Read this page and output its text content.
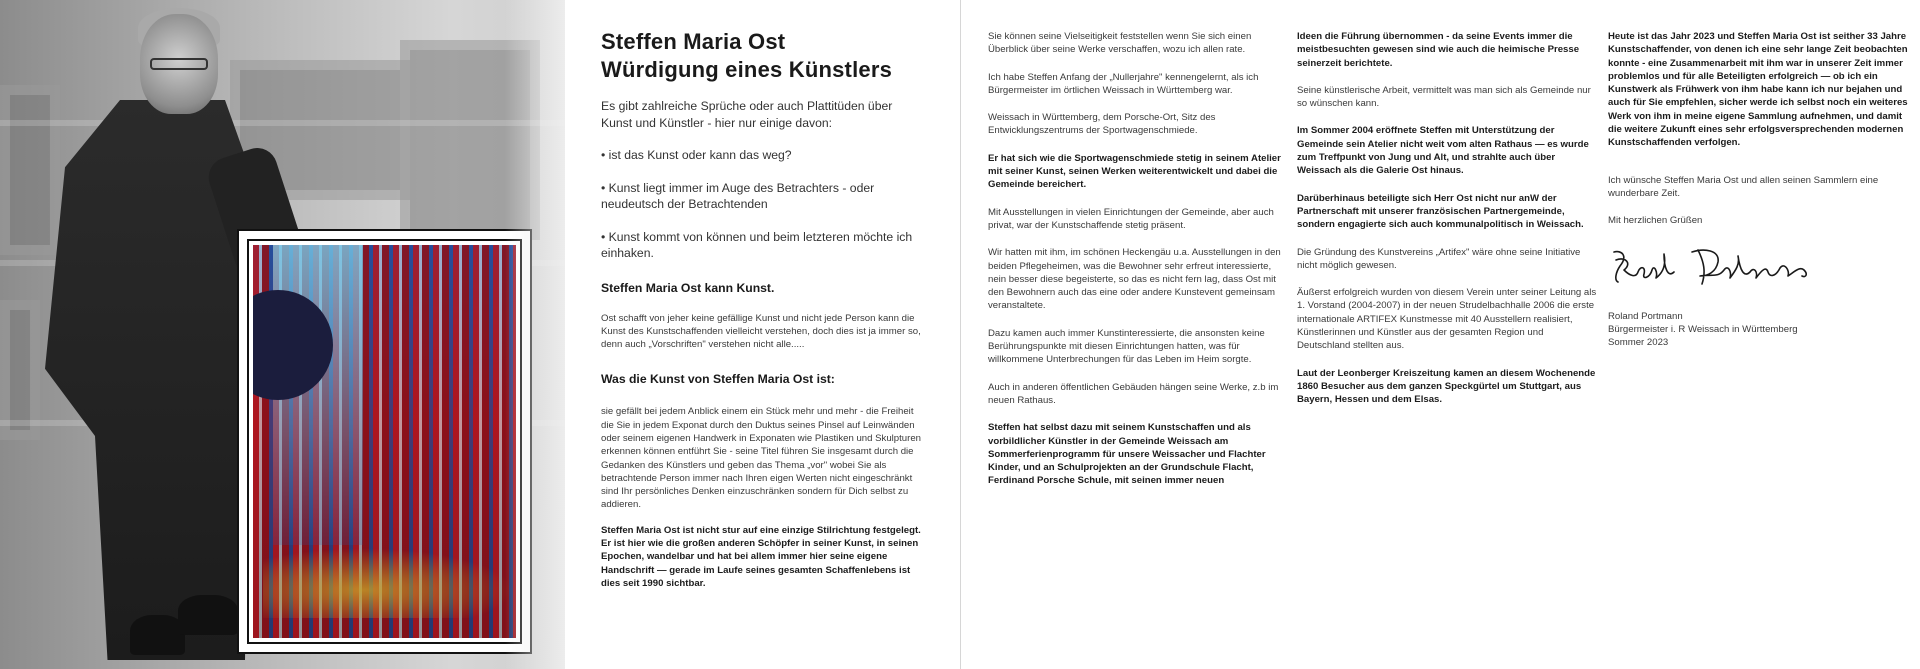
Steffen Maria Ost
Würdigung eines Künstlers
Es gibt zahlreiche Sprüche oder auch Plattitüden über Kunst und Künstler - hier nur einige davon:
• ist das Kunst oder kann das weg?
• Kunst liegt immer im Auge des Betrachters - oder neudeutsch der Betrachtenden
• Kunst kommt von können und beim letzteren möchte ich einhaken.
Steffen Maria Ost kann Kunst.
Ost schafft von jeher keine gefällige Kunst und nicht jede Person kann die Kunst des Kunstschaffenden vielleicht verstehen, doch dies ist ja immer so, denn auch „Vorschriften" verstehen nicht alle.....
Was die Kunst von Steffen Maria Ost ist:
sie gefällt bei jedem Anblick einem ein Stück mehr und mehr - die Freiheit die Sie in jedem Exponat durch den Duktus seines Pinsel auf Leinwänden oder seinem eigenen Handwerk in Exponaten wie Plastiken und Skulpturen erkennen können entführt Sie - seine Titel führen Sie insgesamt durch die Gedanken des Künstlers und geben das Thema „vor" wobei Sie als betrachtende Person immer nach Ihren eigen Werten nicht eingeschränkt sind Ihr persönliches Denken einzuschränken sondern für Dich selbst zu addieren.
Steffen Maria Ost ist nicht stur auf eine einzige Stilrichtung festgelegt. Er ist hier wie die großen anderen Schöpfer in seiner Kunst, in seinen Epochen, wandelbar und hat bei allem immer hier seine eigene Handschrift — gerade im Laufe seines gesamten Schaffenlebens ist dies seit 1990 sichtbar.
Sie können seine Vielseitigkeit feststellen wenn Sie sich einen Überblick über seine Werke verschaffen, wozu ich allen rate.
Ich habe Steffen Anfang der „Nullerjahre" kennengelernt, als ich Bürgermeister im örtlichen Weissach in Württemberg war.
Weissach in Württemberg, dem Porsche-Ort, Sitz des Entwicklungszentrums der Sportwagenschmiede.
Er hat sich wie die Sportwagenschmiede stetig in seinem Atelier mit seiner Kunst, seinen Werken weiterentwickelt und dabei die Gemeinde bereichert.
Mit Ausstellungen in vielen Einrichtungen der Gemeinde, aber auch privat, war der Kunstschaffende stetig präsent.
Wir hatten mit ihm, im schönen Heckengäu u.a. Ausstellungen in den beiden Pflegeheimen, was die Bewohner sehr erfreut interessierte, nein besser diese begeisterte, so das es nicht fern lag, dass Ost mit den Bewohnern auch das eine oder andere Kunstevent gemeinsam veranstaltete.
Dazu kamen auch immer Kunstinteressierte, die ansonsten keine Berührungspunkte mit diesen Einrichtungen hatten, was für willkommene Unterbrechungen für das Leben im Heim sorgte.
Auch in anderen öffentlichen Gebäuden hängen seine Werke, z.b im neuen Rathaus.
Steffen hat selbst dazu mit seinem Kunstschaffen und als vorbildlicher Künstler in der Gemeinde Weissach am Sommerferienprogramm für unsere Weissacher und Flachter Kinder, und an Schulprojekten an der Grundschule Flacht, Ferdinand Porsche Schule, mit seinen immer neuen
Ideen die Führung übernommen - da seine Events immer die meistbesuchten gewesen sind wie auch die heimische Presse seinerzeit berichtete.
Seine künstlerische Arbeit, vermittelt was man sich als Gemeinde nur so wünschen kann.
Im Sommer 2004 eröffnete Steffen mit Unterstützung der Gemeinde sein Atelier nicht weit vom alten Rathaus — es wurde zum Treffpunkt von Jung und Alt, und strahlte auch über Weissach als die Galerie Ost hinaus.
Darüberhinaus beteiligte sich Herr Ost nicht nur anW der Partnerschaft mit unserer französischen Partnergemeinde, sondern engagierte sich auch kommunalpolitisch in Weissach.
Die Gründung des Kunstvereins „Artifex" wäre ohne seine Initiative nicht möglich gewesen.
Äußerst erfolgreich wurden von diesem Verein unter seiner Leitung als 1. Vorstand (2004-2007) in der neuen Strudelbachhalle 2006 die erste internationale ARTIFEX Kunstmesse mit 40 Ausstellern realisiert, Künstlerinnen und Künstler aus der gesamten Region und Deutschland stellten aus.
Laut der Leonberger Kreiszeitung kamen an diesem Wochenende 1860 Besucher aus dem ganzen Speckgürtel um Stuttgart, aus Bayern, Hessen und dem Elsas.
Heute ist das Jahr 2023 und Steffen Maria Ost ist seither 33 Jahre Kunstschaffender, von denen ich eine sehr lange Zeit beobachten konnte - eine Zusammenarbeit mit ihm war in unserer Zeit immer problemlos und für alle Beteiligten erfolgreich — ob ich ein Kunstwerk als Frühwerk von ihm habe kann ich nur bejahen und auch für Sie empfehlen, sicher werde ich selbst noch ein weiteres Werk von ihm in meine eigene Sammlung aufnehmen, und damit die weitere Zukunft eines sehr erfolgsversprechenden modernen Kunstschaffenden verfolgen.
Ich wünsche Steffen Maria Ost und allen seinen Sammlern eine wunderbare Zeit.
Mit herzlichen Grüßen
Roland Portmann
Bürgermeister i. R Weissach in Württemberg
Sommer 2023
